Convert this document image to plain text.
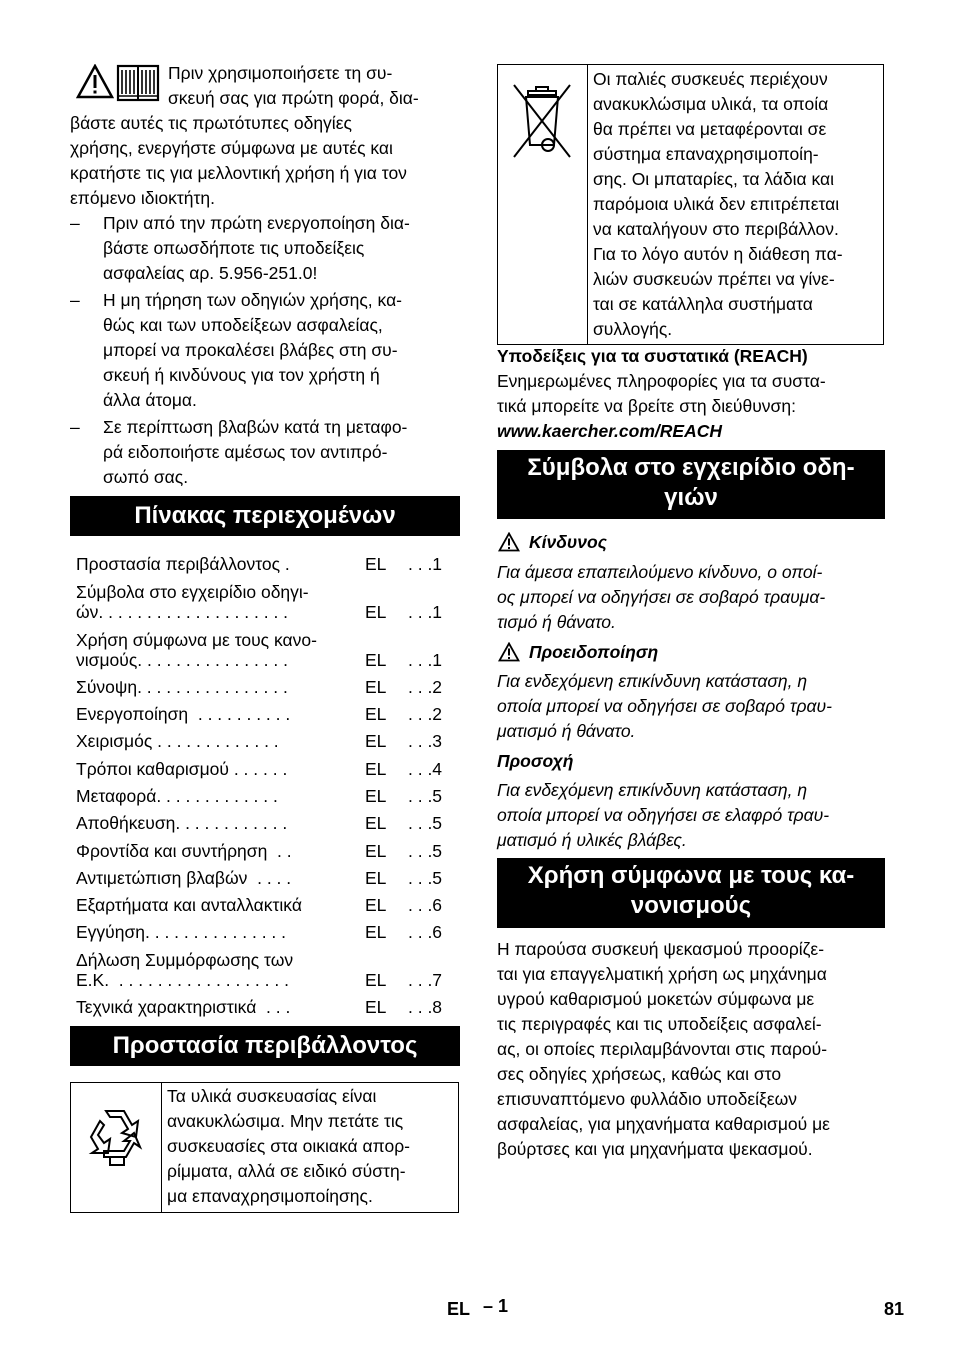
Πριν χρησιμοποιήσετε τη συ-

σκευή σας για πρώτη φορά, δια-

βάστε αυτές τις πρωτότυπες οδηγίες

χρήσης, ενεργήστε σύμφωνα με αυτές και

κρατήστε τις για μελλοντική χρήση ή για τον

επόμενο ιδιοκτήτη.

– Πριν από την πρώτη ενεργοποίηση δια-

βάστε οπωσδήποτε τις υποδείξεις

ασφαλείας αρ. 5.956-251.0!

– Η μη τήρηση των οδηγιών χρήσης, κα-

θώς και των υποδείξεων ασφαλείας,

μπορεί να προκαλέσει βλάβες στη συ-

σκευή ή κινδύνους για τον χρήστη ή

άλλα άτομα.

– Σε περίπτωση βλαβών κατά τη μεταφο-

ρά ειδοποιήστε αμέσως τον αντιπρό-

σωπό σας.

Πίνακας περιεχομένων
Προστασία περιβάλλοντος .	EL . . .1
Σύμβολα στο εγχειρίδιο οδηγι-
ών. . . . . . . . . . . . . . . . . . . .	EL . . .1
Χρήση σύμφωνα με τους κανο-
νισμούς. . . . . . . . . . . . . . . .	EL . . .1
Σύνοψη. . . . . . . . . . . . . . . .	EL . . .2
Ενεργοποίηση  . . . . . . . . . .	EL . . .2
Χειρισμός . . . . . . . . . . . . .	EL . . .3
Τρόποι καθαρισμού . . . . . .	EL . . .4
Μεταφορά. . . . . . . . . . . . .	EL . . .5
Αποθήκευση. . . . . . . . . . . .	EL . . .5
Φροντίδα και συντήρηση  . .	EL . . .5
Αντιμετώπιση βλαβών  . . . .	EL . . .5
Εξαρτήματα και ανταλλακτικά	EL . . .6
Εγγύηση. . . . . . . . . . . . . . .	EL . . .6
Δήλωση Συμμόρφωσης των
Ε.Κ.  . . . . . . . . . . . . . . . . . .	EL . . .7
Τεχνικά χαρακτηριστικά  . . .	EL . . .8
Προστασία περιβάλλοντος

Τα υλικά συσκευασίας είναι

ανακυκλώσιμα. Μην πετάτε τις

συσκευασίες στα οικιακά απορ-

ρίμματα, αλλά σε ειδικό σύστη-

μα επαναχρησιμοποίησης.

Οι παλιές συσκευές περιέχουν

ανακυκλώσιμα υλικά, τα οποία

θα πρέπει να μεταφέρονται σε

σύστημα επαναχρησιμοποίη-

σης. Οι μπαταρίες, τα λάδια και

παρόμοια υλικά δεν επιτρέπεται

να καταλήγουν στο περιβάλλον.

Για το λόγο αυτόν η διάθεση πα-

λιών συσκευών πρέπει να γίνε-

ται σε κατάλληλα συστήματα

συλλογής.

Υποδείξεις για τα συστατικά (REACH)

Ενημερωμένες πληροφορίες για τα συστα-

τικά μπορείτε να βρείτε στη διεύθυνση:

www.kaercher.com/REACH

Σύμβολα στο εγχειρίδιο οδη-
γιών

Κίνδυνος

Για άμεσα επαπειλούμενο κίνδυνο, ο οποί-

ος μπορεί να οδηγήσει σε σοβαρό τραυμα-

τισμό ή θάνατο.

Προειδοποίηση

Για ενδεχόμενη επικίνδυνη κατάσταση, η

οποία μπορεί να οδηγήσει σε σοβαρό τραυ-

ματισμό ή θάνατο.

Προσοχή

Για ενδεχόμενη επικίνδυνη κατάσταση, η

οποία μπορεί να οδηγήσει σε ελαφρό τραυ-

ματισμό ή υλικές βλάβες.

Χρήση σύμφωνα με τους κα-
νονισμούς

Η παρούσα συσκευή ψεκασμού προορίζε-

ται για επαγγελματική χρήση ως μηχάνημα

υγρού καθαρισμού μοκετών σύμφωνα με

τις περιγραφές και τις υποδείξεις ασφαλεί-

ας, οι οποίες περιλαμβάνονται στις παρού-

σες οδηγίες χρήσεως, καθώς και στο

επισυναπτόμενο φυλλάδιο υποδείξεων

ασφαλείας, για μηχανήματα καθαρισμού με

βούρτσες και για μηχανήματα ψεκασμού.

EL – 1	81
